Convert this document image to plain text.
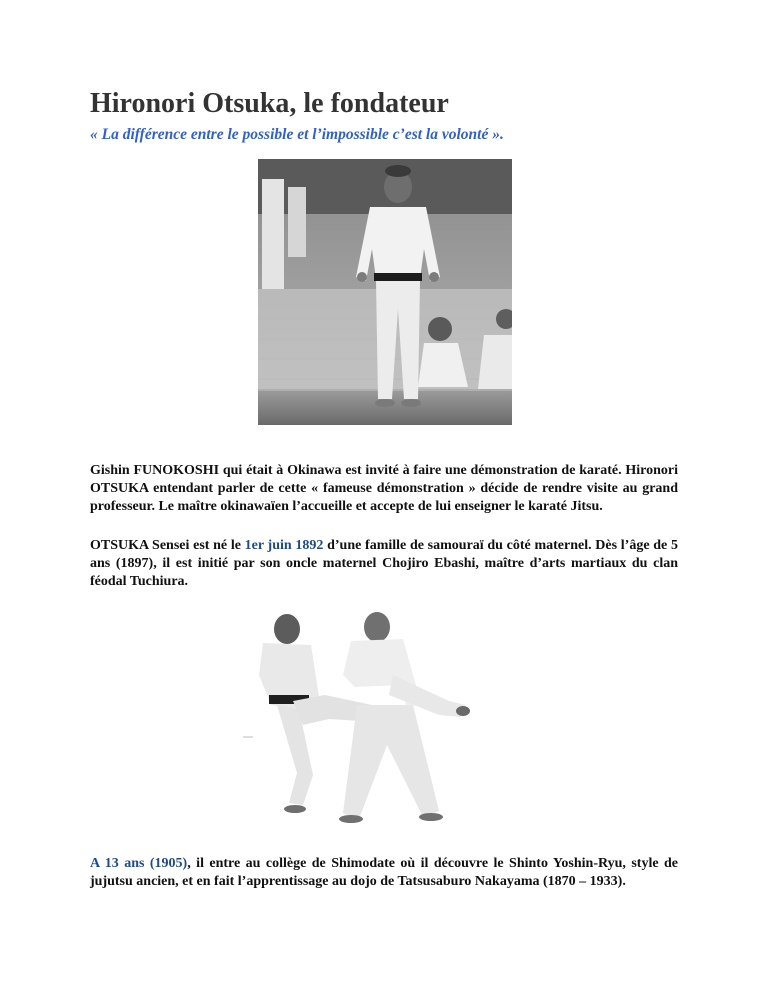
Hironori Otsuka, le fondateur

« La différence entre le possible et l’impossible c’est la volonté ».

Gishin FUNOKOSHI qui était à Okinawa est invité à faire une démonstration de karaté. Hironori OTSUKA entendant parler de cette « fameuse démonstration » décide de rendre visite au grand professeur. Le maître okinawaïen l’accueille et accepte de lui enseigner le karaté Jitsu.

OTSUKA Sensei est né le 1er juin 1892 d’une famille de samouraï du côté maternel. Dès l’âge de 5 ans (1897), il est initié par son oncle maternel Chojiro Ebashi, maître d’arts martiaux du clan féodal Tuchiura.

A 13 ans (1905), il entre au collège de Shimodate où il découvre le Shinto Yoshin-Ryu, style de jujutsu ancien, et en fait l’apprentissage au dojo de Tatsusaburo Nakayama (1870 – 1933).
